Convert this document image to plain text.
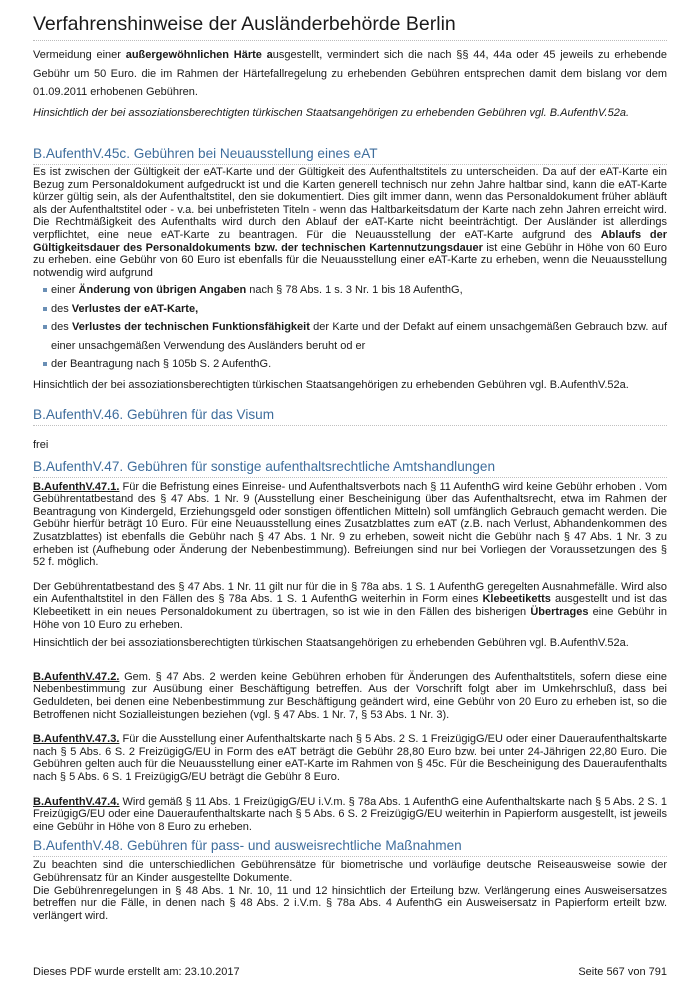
Verfahrenshinweise der Ausländerbehörde Berlin

Vermeidung einer außergewöhnlichen Härte ausgestellt, vermindert sich die nach §§ 44, 44a oder 45 jeweils zu erhebende Gebühr um 50 Euro. die im Rahmen der Härtefallregelung zu erhebenden Gebühren entsprechen damit dem bislang vor dem 01.09.2011 erhobenen Gebühren.

Hinsichtlich der bei assoziationsberechtigten türkischen Staatsangehörigen zu erhebenden Gebühren vgl. B.AufenthV.52a.

B.AufenthV.45c. Gebühren bei Neuausstellung eines eAT

Es ist zwischen der Gültigkeit der eAT-Karte und der Gültigkeit des Aufenthaltstitels zu unterscheiden. Da auf der eAT-Karte ein Bezug zum Personaldokument aufgedruckt ist und die Karten generell technisch nur zehn Jahre haltbar sind, kann die eAT-Karte kürzer gültig sein, als der Aufenthaltstitel, den sie dokumentiert. Dies gilt immer dann, wenn das Personaldokument früher abläuft als der Aufenthaltstitel oder - v.a. bei unbefristeten Titeln - wenn das Haltbarkeitsdatum der Karte nach zehn Jahren erreicht wird. Die Rechtmäßigkeit des Aufenthalts wird durch den Ablauf der eAT-Karte nicht beeinträchtigt. Der Ausländer ist allerdings verpflichtet, eine neue eAT-Karte zu beantragen. Für die Neuausstellung der eAT-Karte aufgrund des Ablaufs der Gültigkeitsdauer des Personaldokuments bzw. der technischen Kartennutzungsdauer ist eine Gebühr in Höhe von 60 Euro zu erheben. eine Gebühr von 60 Euro ist ebenfalls für die Neuausstellung einer eAT-Karte zu erheben, wenn die Neuausstellung notwendig wird aufgrund

einer Änderung von übrigen Angaben nach § 78 Abs. 1 s. 3 Nr. 1 bis 18 AufenthG,
des Verlustes der eAT-Karte,
des Verlustes der technischen Funktionsfähigkeit der Karte und der Defakt auf einem unsachgemäßen Gebrauch bzw. auf einer unsachgemäßen Verwendung des Ausländers beruht od er
der Beantragung nach § 105b S. 2 AufenthG.

Hinsichtlich der bei assoziationsberechtigten türkischen Staatsangehörigen zu erhebenden Gebühren vgl. B.AufenthV.52a.

B.AufenthV.46. Gebühren für das Visum

frei

B.AufenthV.47. Gebühren für sonstige aufenthaltsrechtliche Amtshandlungen

B.AufenthV.47.1. Für die Befristung eines Einreise- und Aufenthaltsverbots nach § 11 AufenthG wird keine Gebühr erhoben . Vom Gebührentatbestand des § 47 Abs. 1 Nr. 9 (Ausstellung einer Bescheinigung über das Aufenthaltsrecht, etwa im Rahmen der Beantragung von Kindergeld, Erziehungsgeld oder sonstigen öffentlichen Mitteln) soll umfänglich Gebrauch gemacht werden. Die Gebühr hierfür beträgt 10 Euro. Für eine Neuausstellung eines Zusatzblattes zum eAT (z.B. nach Verlust, Abhandenkommen des Zusatzblattes) ist ebenfalls die Gebühr nach § 47 Abs. 1 Nr. 9 zu erheben, soweit nicht die Gebühr nach § 47 Abs. 1 Nr. 3 zu erheben ist (Aufhebung oder Änderung der Nebenbestimmung). Befreiungen sind nur bei Vorliegen der Voraussetzungen des § 52 f. möglich.

Der Gebührentatbestand des § 47 Abs. 1 Nr. 11 gilt nur für die in § 78a abs. 1 S. 1 AufenthG geregelten Ausnahmefälle. Wird also ein Aufenthaltstitel in den Fällen des § 78a Abs. 1 S. 1 AufenthG weiterhin in Form eines Klebeetiketts ausgestellt und ist das Klebeetikett in ein neues Personaldokument zu übertragen, so ist wie in den Fällen des bisherigen Übertrages eine Gebühr in Höhe von 10 Euro zu erheben.

Hinsichtlich der bei assoziationsberechtigten türkischen Staatsangehörigen zu erhebenden Gebühren vgl. B.AufenthV.52a.

B.AufenthV.47.2. Gem. § 47 Abs. 2 werden keine Gebühren erhoben für Änderungen des Aufenthaltstitels, sofern diese eine Nebenbestimmung zur Ausübung einer Beschäftigung betreffen. Aus der Vorschrift folgt aber im Umkehrschluß, dass bei Geduldeten, bei denen eine Nebenbestimmung zur Beschäftigung geändert wird, eine Gebühr von 20 Euro zu erheben ist, so die Betroffenen nicht Sozialleistungen beziehen (vgl. § 47 Abs. 1 Nr. 7, § 53 Abs. 1 Nr. 3).

B.AufenthV.47.3. Für die Ausstellung einer Aufenthaltskarte nach § 5 Abs. 2 S. 1 FreizügigG/EU oder einer Daueraufenthaltskarte nach § 5 Abs. 6 S. 2 FreizügigG/EU in Form des eAT beträgt die Gebühr 28,80 Euro bzw. bei unter 24-Jährigen 22,80 Euro. Die Gebühren gelten auch für die Neuausstellung einer eAT-Karte im Rahmen von § 45c. Für die Bescheinigung des Daueraufenthalts nach § 5 Abs. 6 S. 1 FreizügigG/EU beträgt die Gebühr 8 Euro.

B.AufenthV.47.4. Wird gemäß § 11 Abs. 1 FreizügigG/EU i.V.m. § 78a Abs. 1 AufenthG eine Aufenthaltskarte nach § 5 Abs. 2 S. 1 FreizügigG/EU oder eine Daueraufenthaltskarte nach § 5 Abs. 6 S. 2 FreizügigG/EU weiterhin in Papierform ausgestellt, ist jeweils eine Gebühr in Höhe von 8 Euro zu erheben.

B.AufenthV.48. Gebühren für pass- und ausweisrechtliche Maßnahmen

Zu beachten sind die unterschiedlichen Gebührensätze für biometrische und vorläufige deutsche Reiseausweise sowie der Gebührensatz für an Kinder ausgestellte Dokumente.

Die Gebührenregelungen in § 48 Abs. 1 Nr. 10, 11 und 12 hinsichtlich der Erteilung bzw. Verlängerung eines Ausweisersatzes betreffen nur die Fälle, in denen nach § 48 Abs. 2 i.V.m. § 78a Abs. 4 AufenthG ein Ausweisersatz in Papierform erteilt bzw. verlängert wird.

Dieses PDF wurde erstellt am: 23.10.2017	Seite 567 von 791
